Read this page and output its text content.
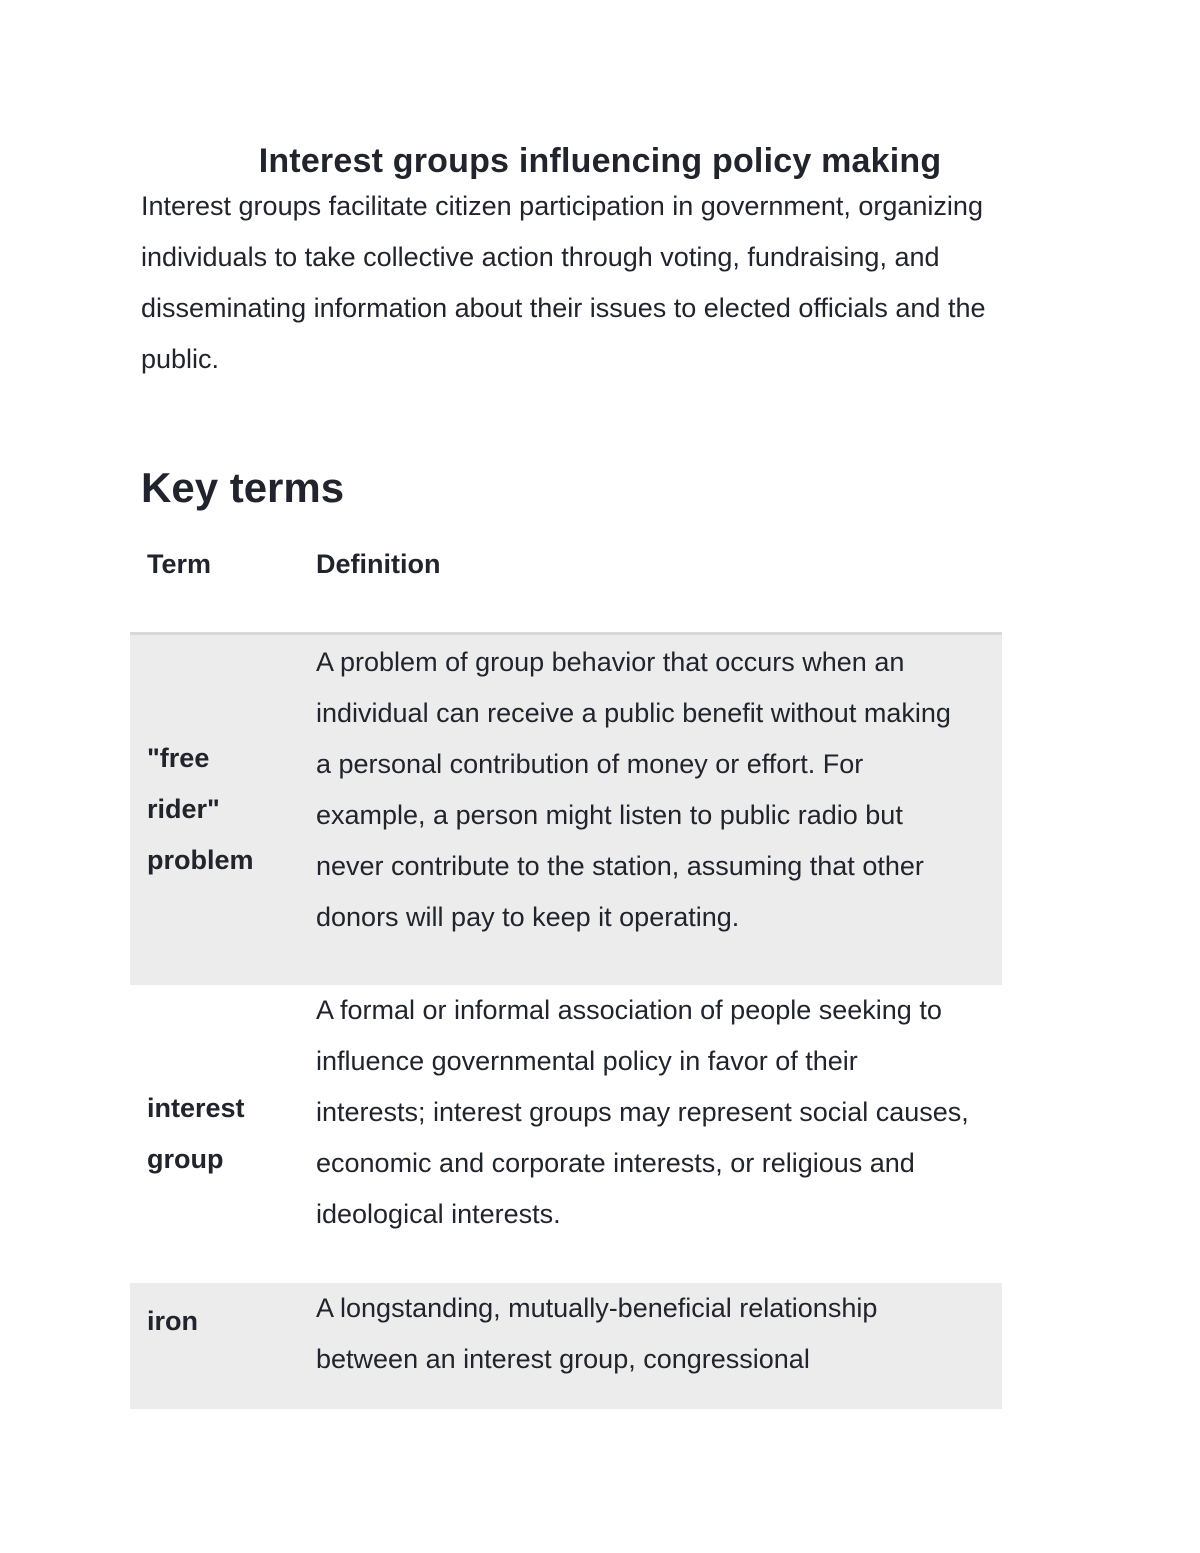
Interest groups influencing policy making

Interest groups facilitate citizen participation in government, organizing individuals to take collective action through voting, fundraising, and disseminating information about their issues to elected officials and the public.

Key terms
Term	Definition
"free rider" problem	A problem of group behavior that occurs when an individual can receive a public benefit without making a personal contribution of money or effort. For example, a person might listen to public radio but never contribute to the station, assuming that other donors will pay to keep it operating.
interest group	A formal or informal association of people seeking to influence governmental policy in favor of their interests; interest groups may represent social causes, economic and corporate interests, or religious and ideological interests.
iron	A longstanding, mutually-beneficial relationship between an interest group, congressional
